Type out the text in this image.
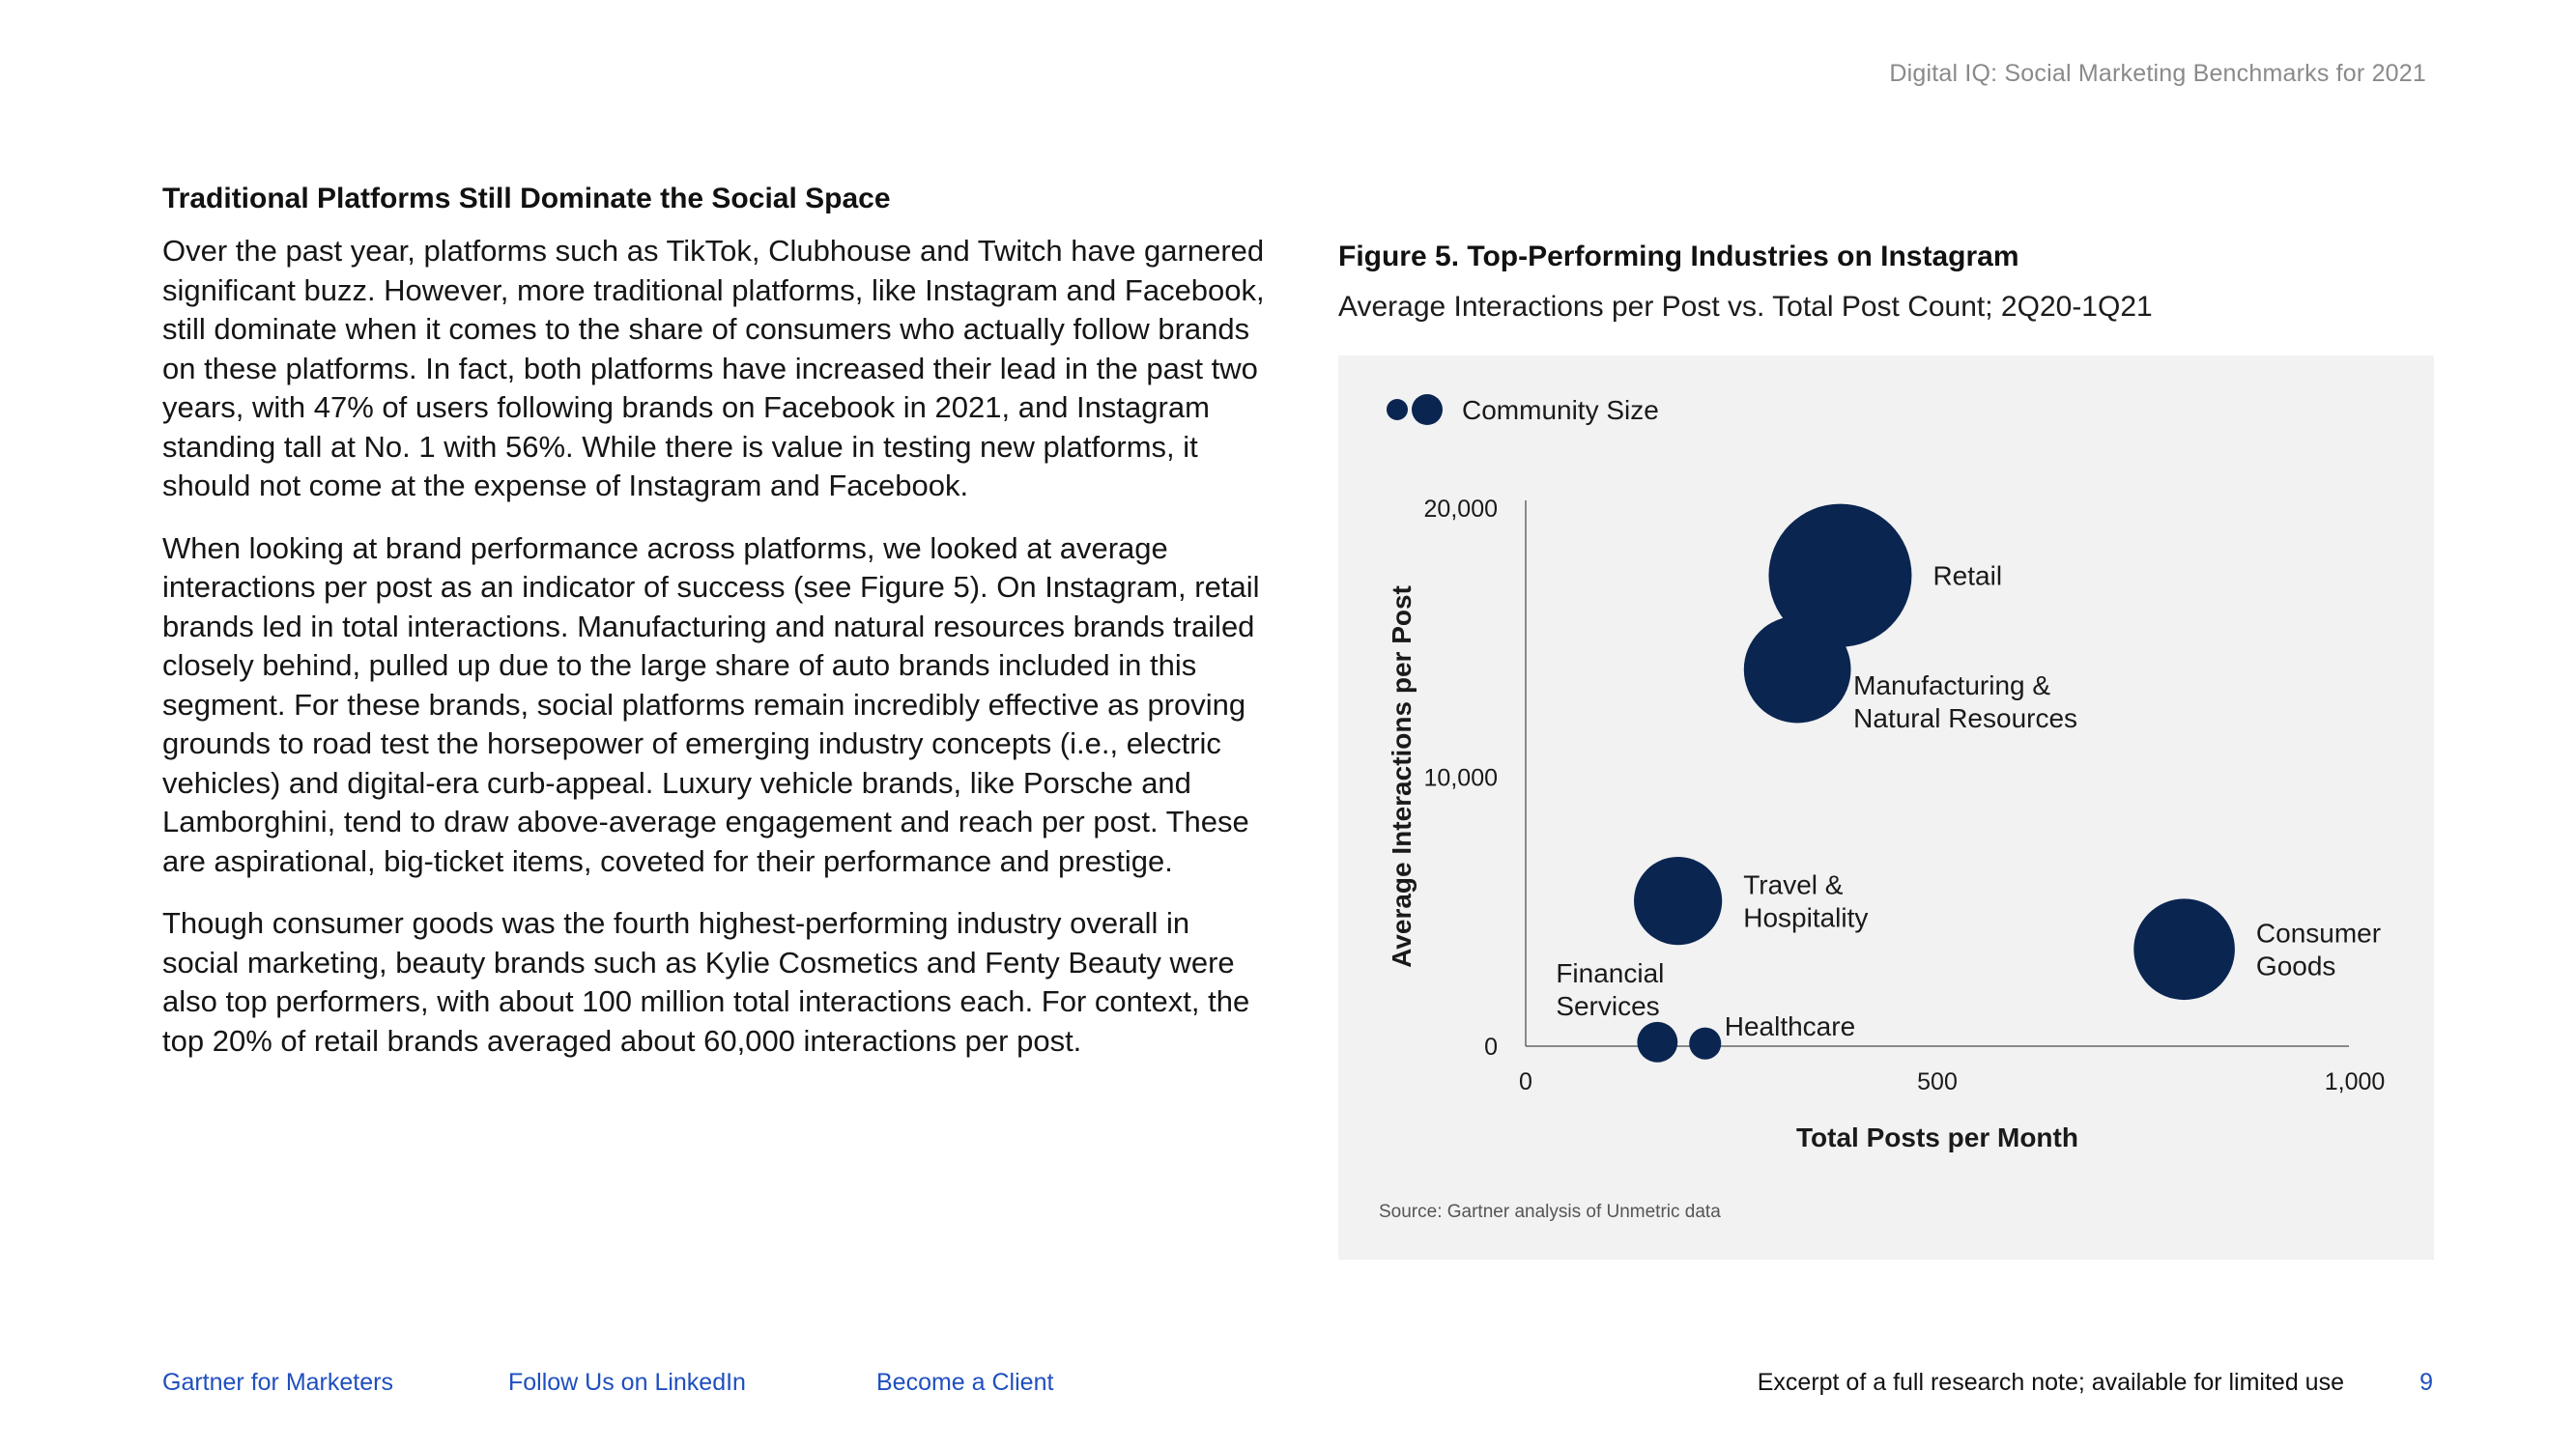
Digital IQ: Social Marketing Benchmarks for 2021
Traditional Platforms Still Dominate the Social Space

Over the past year, platforms such as TikTok, Clubhouse and Twitch have garnered significant buzz. However, more traditional platforms, like Instagram and Facebook, still dominate when it comes to the share of consumers who actually follow brands on these platforms. In fact, both platforms have increased their lead in the past two years, with 47% of users following brands on Facebook in 2021, and Instagram standing tall at No. 1 with 56%. While there is value in testing new platforms, it should not come at the expense of Instagram and Facebook.

When looking at brand performance across platforms, we looked at average interactions per post as an indicator of success (see Figure 5). On Instagram, retail brands led in total interactions. Manufacturing and natural resources brands trailed closely behind, pulled up due to the large share of auto brands included in this segment. For these brands, social platforms remain incredibly effective as proving grounds to road test the horsepower of emerging industry concepts (i.e., electric vehicles) and digital-era curb-appeal. Luxury vehicle brands, like Porsche and Lamborghini, tend to draw above-average engagement and reach per post. These are aspirational, big-ticket items, coveted for their performance and prestige.

Though consumer goods was the fourth highest-performing industry overall in social marketing, beauty brands such as Kylie Cosmetics and Fenty Beauty were also top performers, with about 100 million total interactions each. For context, the top 20% of retail brands averaged about 60,000 interactions per post.

Figure 5. Top-Performing Industries on Instagram
Average Interactions per Post vs. Total Post Count; 2Q20-1Q21
Community Size
0
10,000
20,000
0	500	1,000
Total Posts per Month
Average Interactions per Post
Retail
Manufacturing &
Natural Resources
Travel &
Hospitality
Consumer
Goods
Financial
Services
Healthcare
Source: Gartner analysis of Unmetric data
Gartner for Marketers	Follow Us on LinkedIn	Become a Client	Excerpt of a full research note; available for limited use	9
